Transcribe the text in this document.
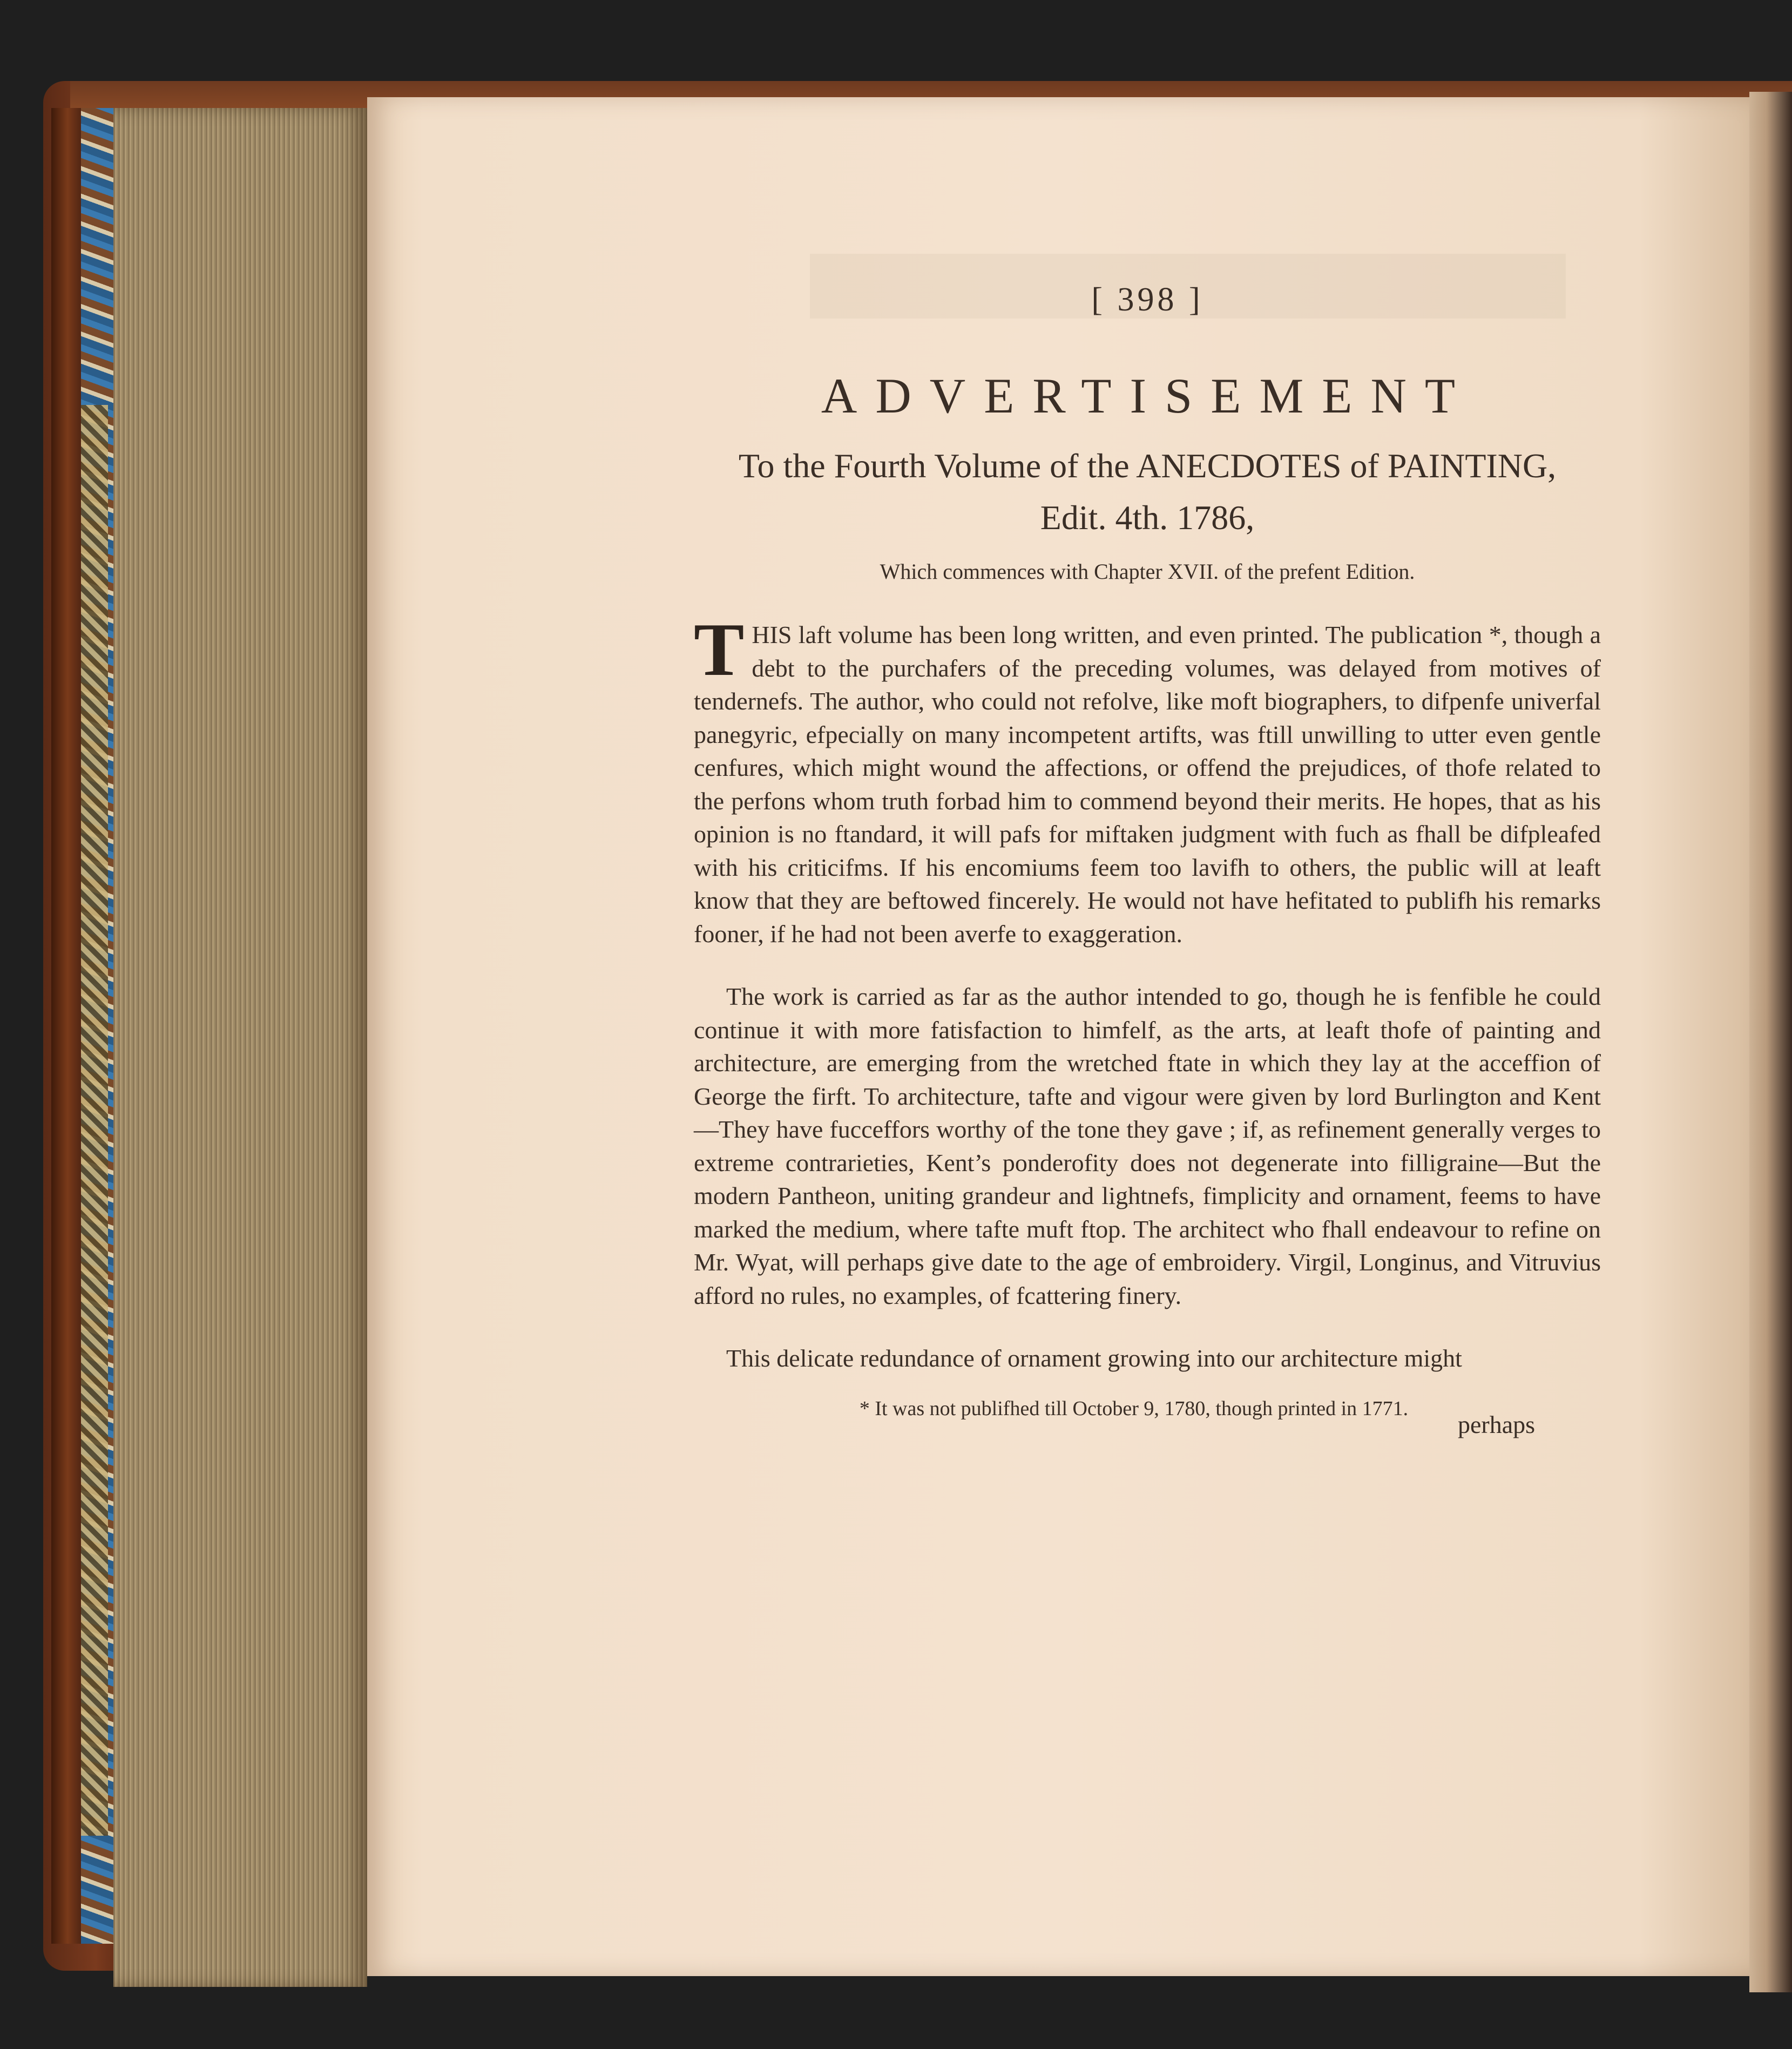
[ 398 ]
ADVERTISEMENT
To the Fourth Volume of the ANECDOTES of PAINTING,
Edit. 4th. 1786,
Which commences with Chapter XVII. of the prefent Edition.
THIS laft volume has been long written, and even printed. The publication *, though a debt to the purchafers of the preceding volumes, was delayed from motives of tendernefs. The author, who could not refolve, like moft biographers, to difpenfe univerfal panegyric, efpecially on many incompetent artifts, was ftill unwilling to utter even gentle cenfures, which might wound the affections, or offend the prejudices, of thofe related to the perfons whom truth forbad him to commend beyond their merits. He hopes, that as his opinion is no ftandard, it will pafs for miftaken judgment with fuch as fhall be difpleafed with his criticifms. If his encomiums feem too lavifh to others, the public will at leaft know that they are beftowed fincerely. He would not have hefitated to publifh his remarks fooner, if he had not been averfe to exaggeration.
The work is carried as far as the author intended to go, though he is fenfible he could continue it with more fatisfaction to himfelf, as the arts, at leaft thofe of painting and architecture, are emerging from the wretched ftate in which they lay at the acceffion of George the firft. To architecture, tafte and vigour were given by lord Burlington and Kent—They have fucceffors worthy of the tone they gave ; if, as refinement generally verges to extreme contrarieties, Kent’s ponderofity does not degenerate into filligraine—But the modern Pantheon, uniting grandeur and lightnefs, fimplicity and ornament, feems to have marked the medium, where tafte muft ftop. The architect who fhall endeavour to refine on Mr. Wyat, will perhaps give date to the age of embroidery. Virgil, Longinus, and Vitruvius afford no rules, no examples, of fcattering finery.
This delicate redundance of ornament growing into our architecture might
* It was not publifhed till October 9, 1780, though printed in 1771.
perhaps
